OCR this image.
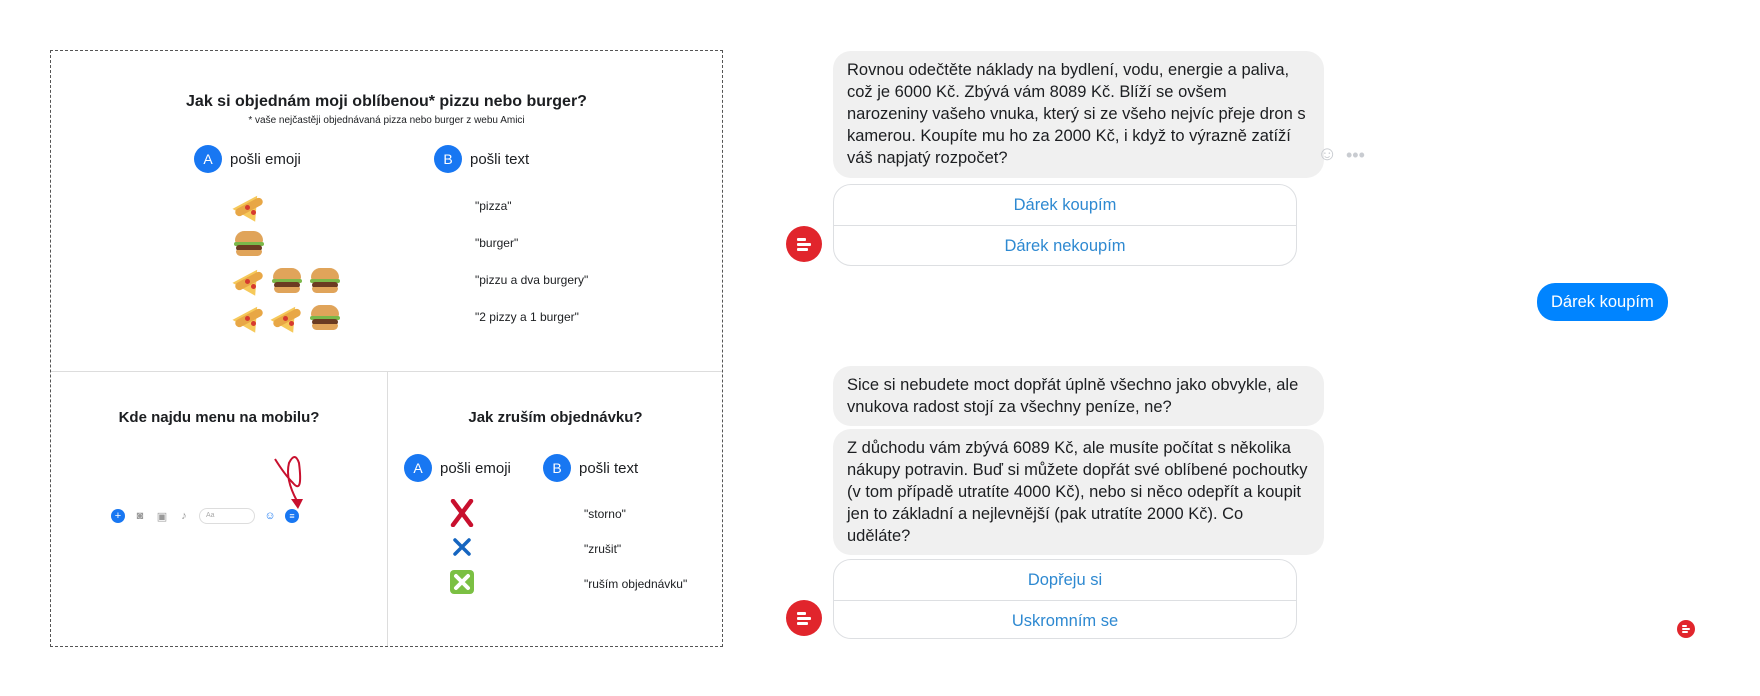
Jak si objednám moji oblíbenou* pizzu nebo burger?
* vaše nejčastěji objednávaná pizza nebo burger z webu Amici
A	pošli emoji	B	pošli text
"pizza"
"burger"
"pizzu a dva burgery"
"2 pizzy a 1 burger"
Kde najdu menu na mobilu?
+	◙	▣	♪	Aa	☺	≡
Jak zruším objednávku?
A	pošli emoji	B	pošli text
"storno"
"zrušit"
"ruším objednávku"
Rovnou odečtěte náklady na bydlení, vodu, energie a paliva, což je 6000 Kč. Zbývá vám 8089 Kč. Blíží se ovšem narozeniny vašeho vnuka, který si ze všeho nejvíc přeje dron s kamerou. Koupíte mu ho za 2000 Kč, i když to výrazně zatíží váš napjatý rozpočet?	☺ •••
Dárek koupím
Dárek nekoupím
Dárek koupím
Sice si nebudete moct dopřát úplně všechno jako obvykle, ale vnukova radost stojí za všechny peníze, ne?
Z důchodu vám zbývá 6089 Kč, ale musíte počítat s několika nákupy potravin. Buď si můžete dopřát své oblíbené pochoutky (v tom případě utratíte 4000 Kč), nebo si něco odepřít a koupit jen to základní a nejlevnější (pak utratíte 2000 Kč). Co uděláte?
Dopřeju si
Uskromním se
